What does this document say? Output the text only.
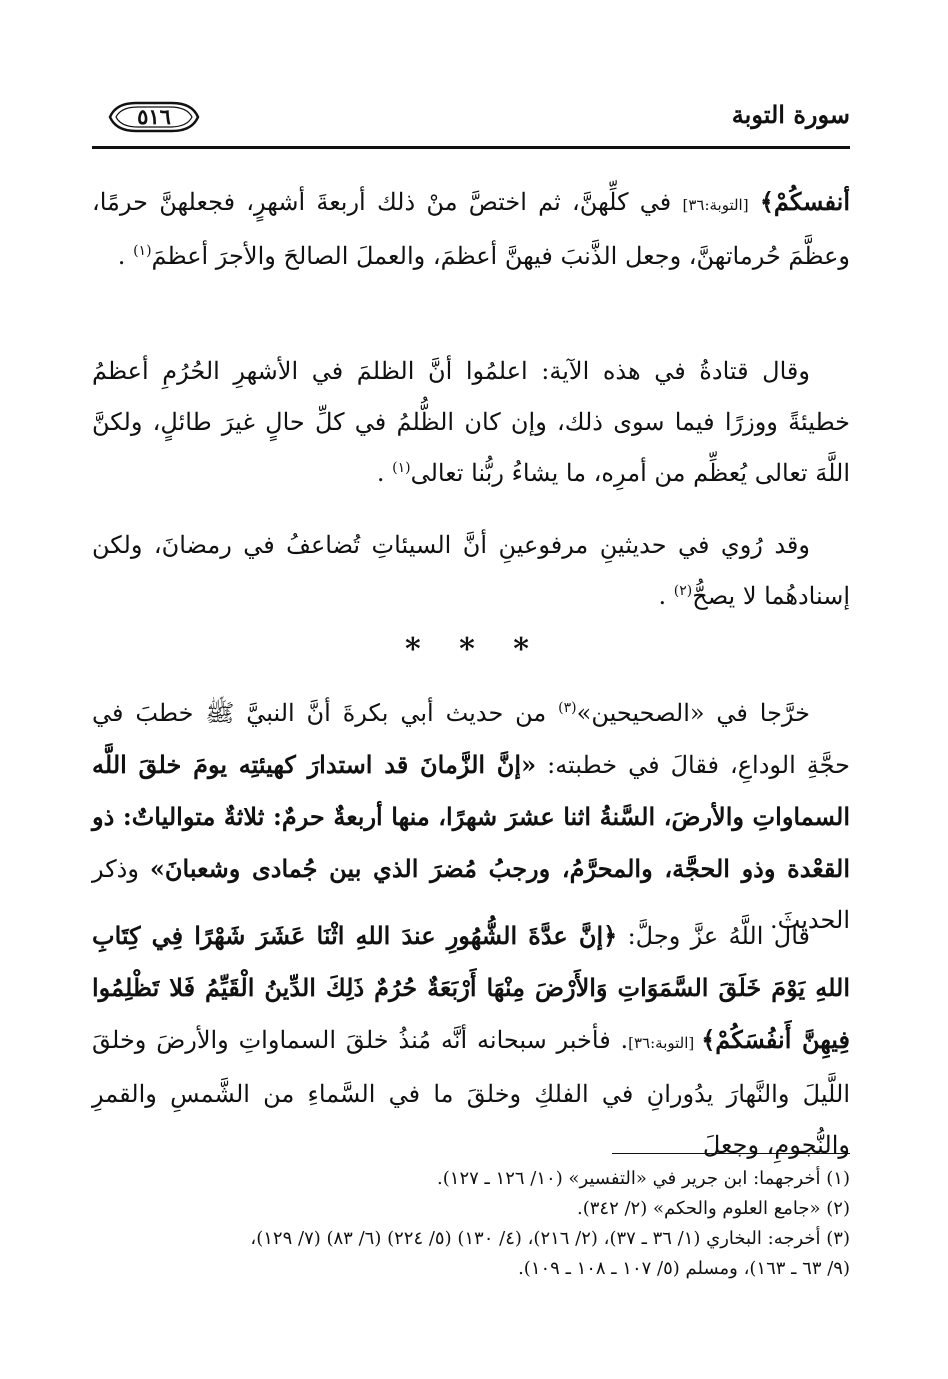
٥١٦	سورة التوبة
أنفسكُمْ﴾ [التوبة:٣٦] في كلِّهنَّ، ثم اختصَّ منْ ذلك أربعةَ أشهرٍ، فجعلهنَّ حرمًا، وعظَّمَ حُرماتهنَّ، وجعل الذَّنبَ فيهنَّ أعظمَ، والعملَ الصالحَ والأجرَ أعظمَ$^{(١)}$ .
وقال قتادةُ في هذه الآية: اعلمُوا أنَّ الظلمَ في الأشهرِ الحُرُمِ أعظمُ خطيئةً ووزرًا فيما سوى ذلك، وإن كان الظُّلمُ في كلِّ حالٍ غيرَ طائلٍ، ولكنَّ اللَّهَ تعالى يُعظِّم من أمرِه، ما يشاءُ ربُّنا تعالى$^{(١)}$ .
وقد رُوي في حديثينِ مرفوعينِ أنَّ السيئاتِ تُضاعفُ في رمضانَ، ولكن إسنادهُما لا يصحُّ$^{(٢)}$ .
* * *
خرَّجا في «الصحيحين»$^{(٣)}$ من حديث أبي بكرةَ أنَّ النبيَّ ﷺ خطبَ في حجَّةِ الوداعِ، فقالَ في خطبته: «إنَّ الزَّمانَ قد استدارَ كهيئتِه يومَ خلقَ اللَّه السماواتِ والأرضَ، السَّنةُ اثنا عشرَ شهرًا، منها أربعةٌ حرمٌ: ثلاثةٌ متوالياتٌ: ذو القعْدة وذو الحجَّة، والمحرَّمُ، ورجبُ مُضرَ الذي بين جُمادى وشعبانَ» وذكر الحديثَ.
قال اللَّهُ عزَّ وجلَّ: ﴿إنَّ عدَّةَ الشُّهُورِ عندَ اللهِ اثْنَا عَشَرَ شَهْرًا فِي كِتَابِ اللهِ يَوْمَ خَلَقَ السَّمَوَاتِ وَالأَرْضَ مِنْهَا أَرْبَعَةٌ حُرُمٌ ذَلِكَ الدِّينُ الْقَيِّمُ فَلا تَظْلِمُوا فِيهِنَّ أَنفُسَكُمْ﴾ [التوبة:٣٦]. فأخبر سبحانه أنَّه مُنذُ خلقَ السماواتِ والأرضَ وخلقَ اللَّيلَ والنَّهارَ يدُورانِ في الفلكِ وخلقَ ما في السَّماءِ من الشَّمسِ والقمرِ والنُّجومِ، وجعلَ
(١) أخرجهما: ابن جرير في «التفسير» (١٠/ ١٢٦ ـ ١٢٧).
(٢) «جامع العلوم والحكم» (٢/ ٣٤٢).
(٣) أخرجه: البخاري (١/ ٣٦ ـ ٣٧)، (٢/ ٢١٦)، (٤/ ١٣٠) (٥/ ٢٢٤) (٦/ ٨٣) (٧/ ١٢٩)،
(٩/ ٦٣ ـ ١٦٣)، ومسلم (٥/ ١٠٧ ـ ١٠٨ ـ ١٠٩).
